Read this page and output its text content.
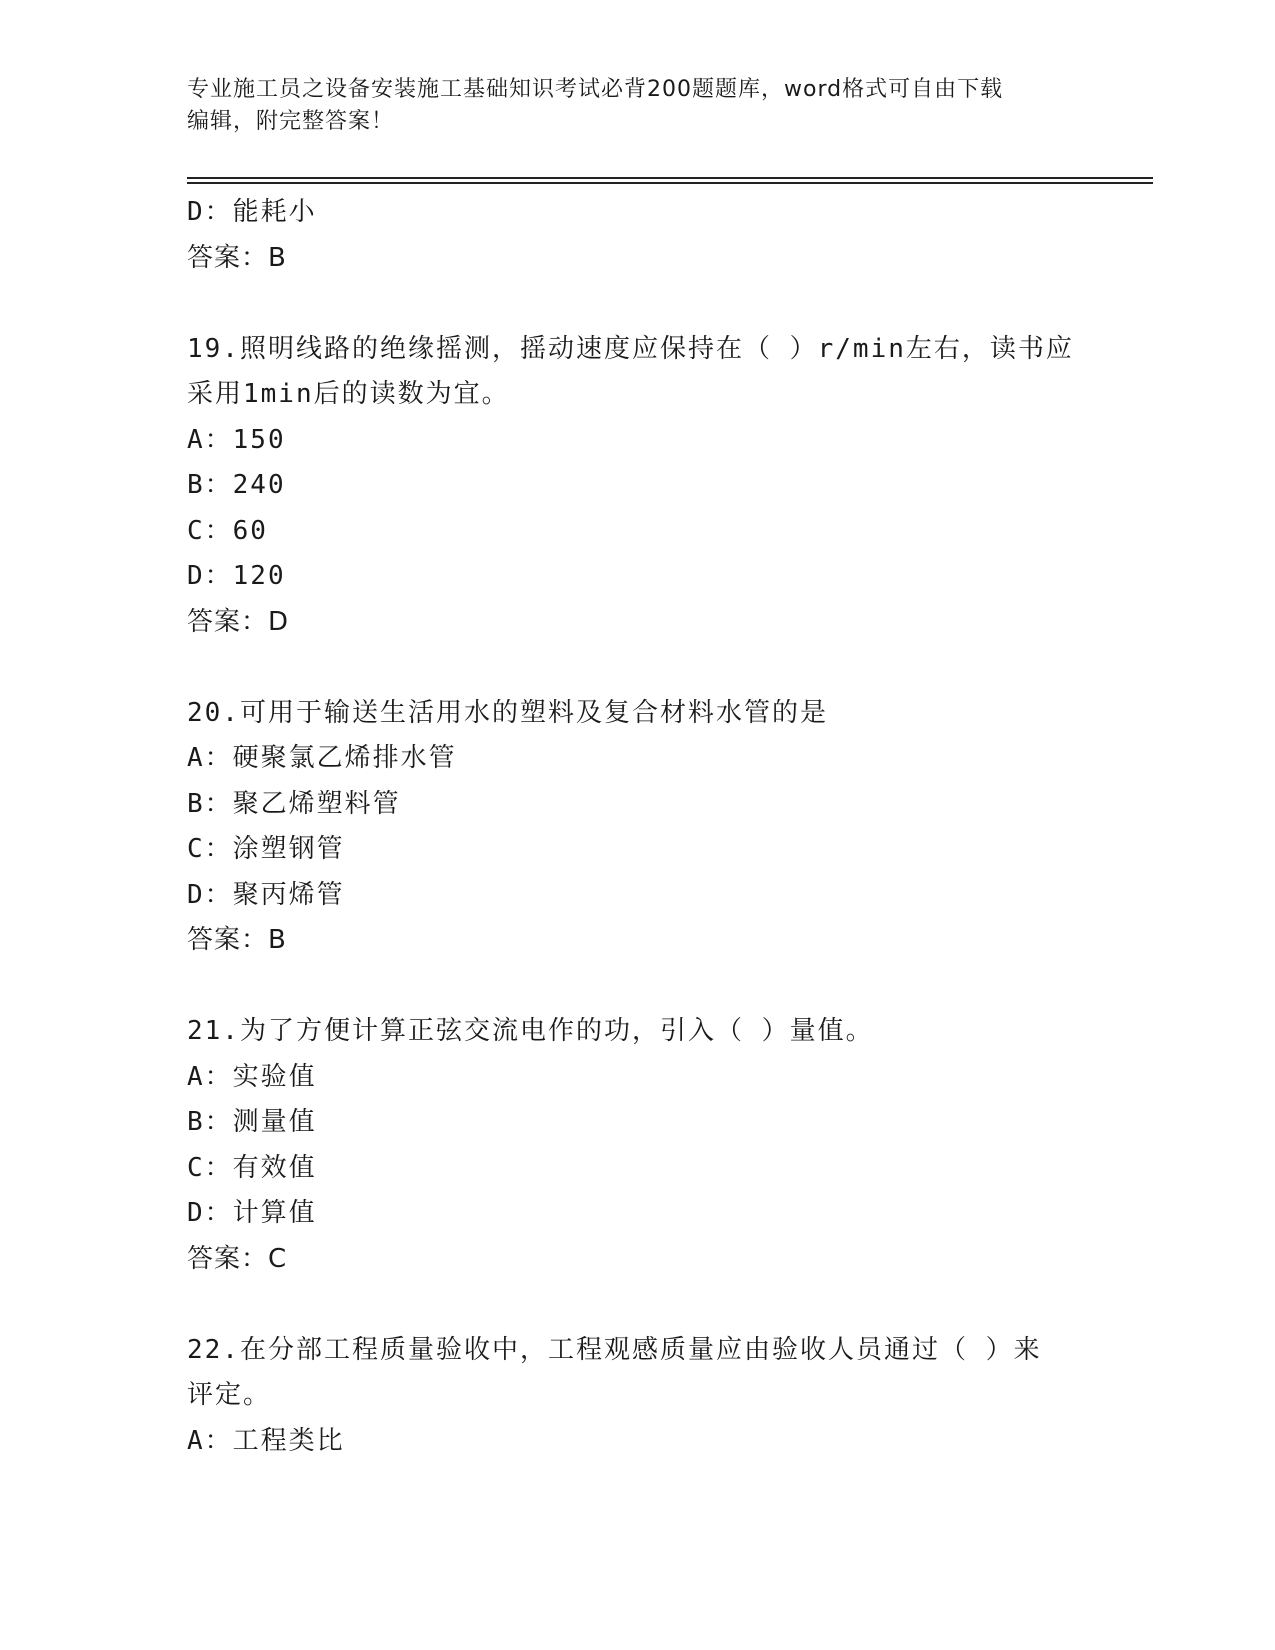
专业施工员之设备安装施工基础知识考试必背200题题库，word格式可自由下载
编辑，附完整答案！
D：能耗小
答案：B
19.照明线路的绝缘摇测，摇动速度应保持在（ ）r/min左右，读书应
采用1min后的读数为宜。
A：150
B：240
C：60
D：120
答案：D
20.可用于输送生活用水的塑料及复合材料水管的是
A：硬聚氯乙烯排水管
B：聚乙烯塑料管
C：涂塑钢管
D：聚丙烯管
答案：B
21.为了方便计算正弦交流电作的功，引入（ ）量值。
A：实验值
B：测量值
C：有效值
D：计算值
答案：C
22.在分部工程质量验收中，工程观感质量应由验收人员通过（ ）来
评定。
A：工程类比
